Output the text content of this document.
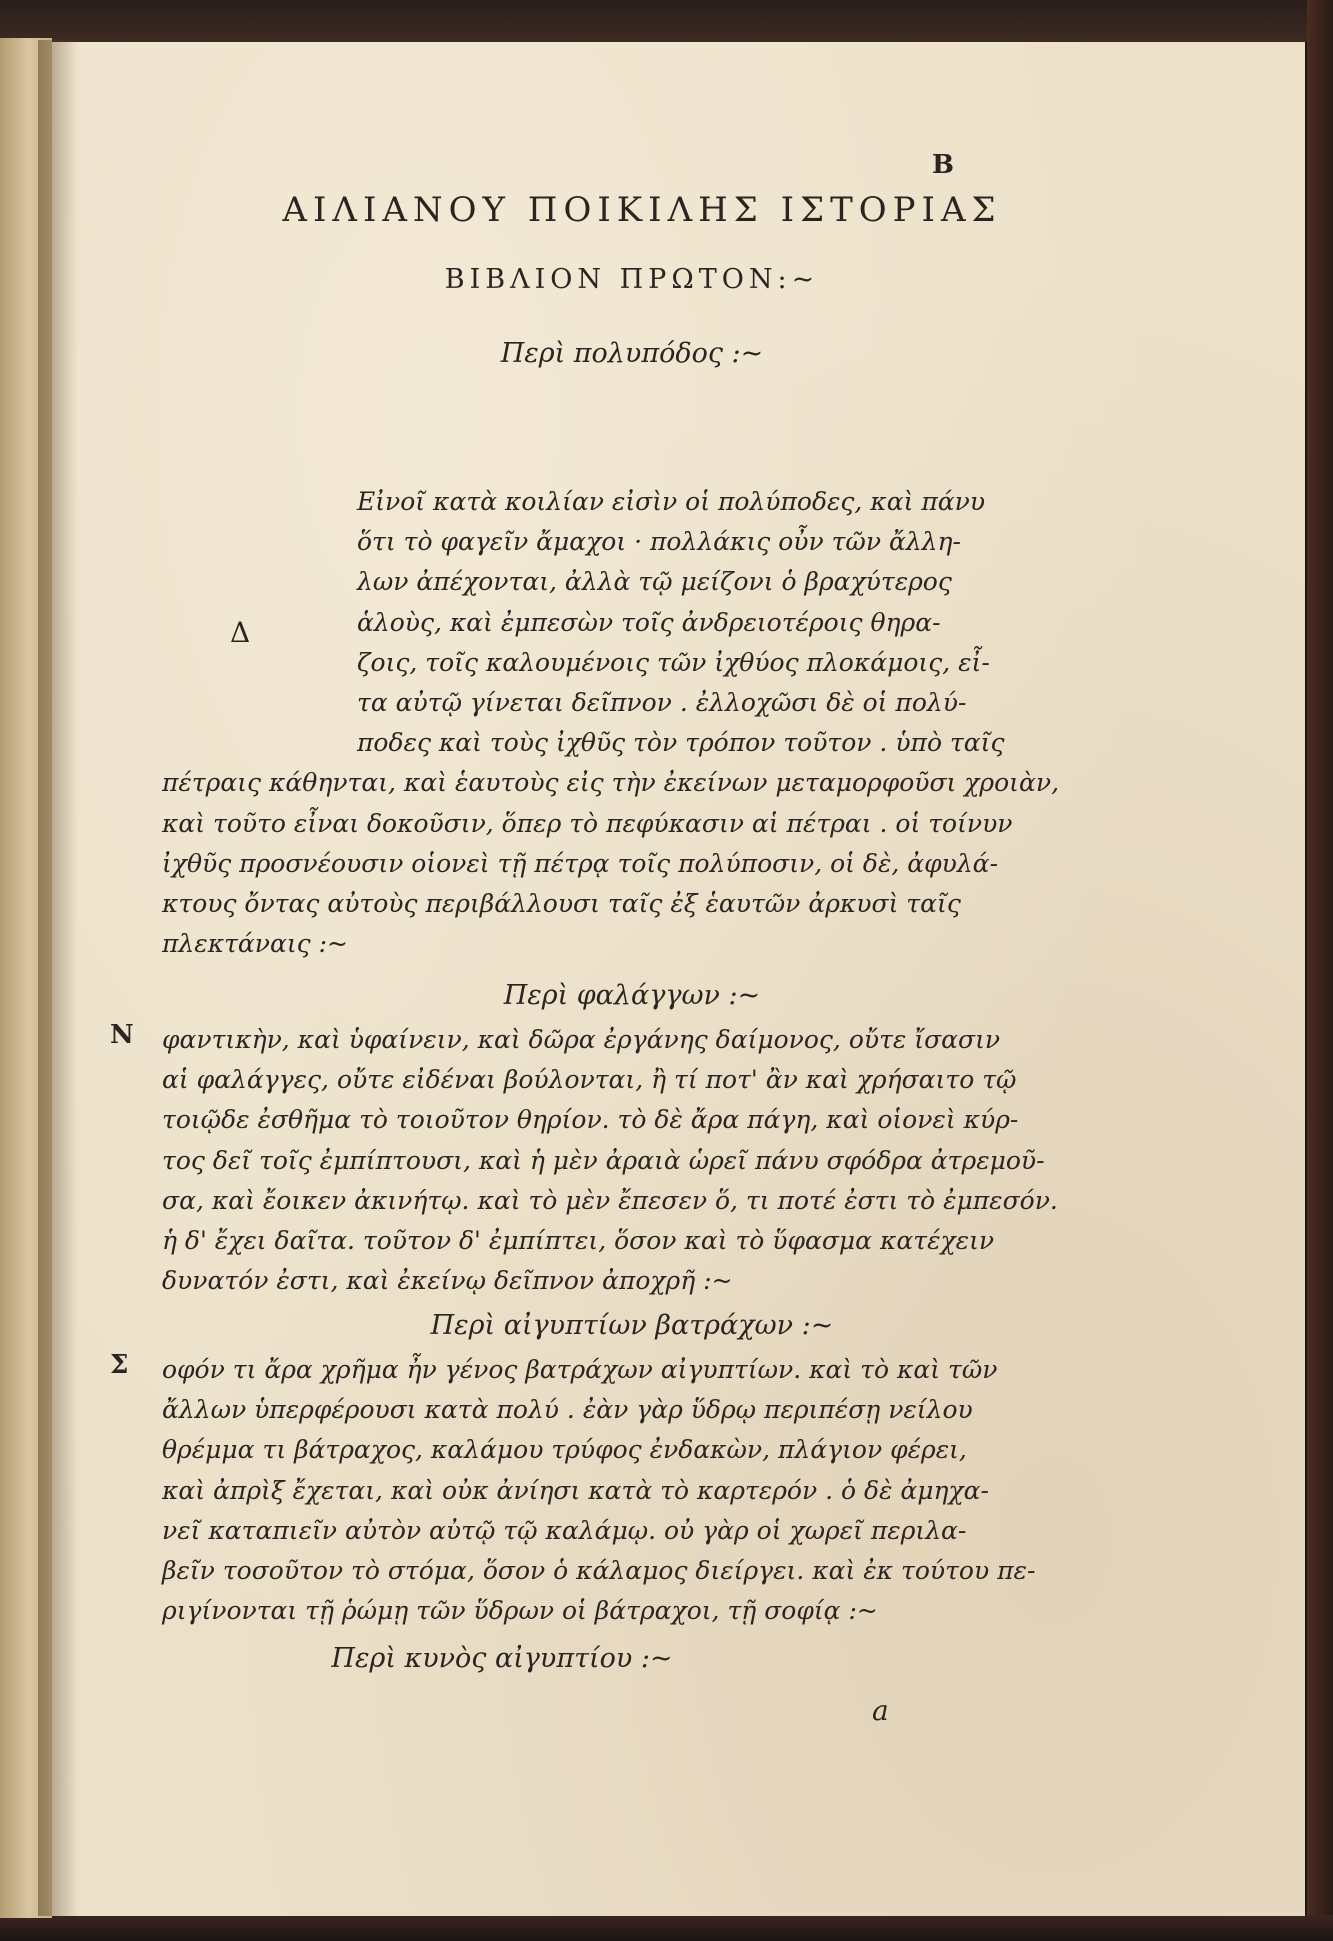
B
ΑΙΛΙΑΝΟΥ ΠΟΙΚΙΛΗΣ ΙΣΤΟΡΙΑΣ
ΒΙΒΛΙΟΝ ΠΡΩΤΟΝ:~
Περὶ πολυπόδος :~
Δ
Εἰνοῖ κατὰ κοιλίαν εἰσὶν οἱ πολύποδες, καὶ πάνυ
ὅτι τὸ φαγεῖν ἄμαχοι · πολλάκις οὖν τῶν ἄλλη-
λων ἀπέχονται, ἀλλὰ τῷ μείζονι ὁ βραχύτερος
ἁλοὺς, καὶ ἐμπεσὼν τοῖς ἀνδρειοτέροις θηρα-
ζοις, τοῖς καλουμένοις τῶν ἰχθύος πλοκάμοις, εἶ-
τα αὐτῷ γίνεται δεῖπνον . ἐλλοχῶσι δὲ οἱ πολύ-
ποδες καὶ τοὺς ἰχθῦς τὸν τρόπον τοῦτον . ὑπὸ ταῖς
πέτραις κάθηνται, καὶ ἑαυτοὺς εἰς τὴν ἐκείνων μεταμορφοῦσι χροιὰν,
καὶ τοῦτο εἶναι δοκοῦσιν, ὅπερ τὸ πεφύκασιν αἱ πέτραι . οἱ τοίνυν
ἰχθῦς προσνέουσιν οἱονεὶ τῇ πέτρᾳ τοῖς πολύποσιν, οἱ δὲ, ἀφυλά-
κτους ὄντας αὐτοὺς περιβάλλουσι ταῖς ἐξ ἑαυτῶν ἀρκυσὶ ταῖς
πλεκτάναις :~
Περὶ φαλάγγων :~
Ν	φαντικὴν, καὶ ὑφαίνειν, καὶ δῶρα ἐργάνης δαίμονος, οὔτε ἴσασιν
αἱ φαλάγγες, οὔτε εἰδέναι βούλονται, ἢ τί ποτ' ἂν καὶ χρήσαιτο τῷ
τοιῷδε ἐσθῆμα τὸ τοιοῦτον θηρίον. τὸ δὲ ἄρα πάγη, καὶ οἱονεὶ κύρ-
τος δεῖ τοῖς ἐμπίπτουσι, καὶ ἡ μὲν ἀραιὰ ὡρεῖ πάνυ σφόδρα ἀτρεμοῦ-
σα, καὶ ἔοικεν ἀκινήτῳ. καὶ τὸ μὲν ἔπεσεν ὅ, τι ποτέ ἐστι τὸ ἐμπεσόν.
ἡ δ' ἔχει δαῖτα. τοῦτον δ' ἐμπίπτει, ὅσον καὶ τὸ ὕφασμα κατέχειν
δυνατόν ἐστι, καὶ ἐκείνῳ δεῖπνον ἀποχρῆ :~
Περὶ αἰγυπτίων βατράχων :~
Σ	οφόν τι ἄρα χρῆμα ἦν γένος βατράχων αἰγυπτίων. καὶ τὸ καὶ τῶν
ἄλλων ὑπερφέρουσι κατὰ πολύ . ἐὰν γὰρ ὕδρῳ περιπέσῃ νείλου
θρέμμα τι βάτραχος, καλάμου τρύφος ἐνδακὼν, πλάγιον φέρει,
καὶ ἀπρὶξ ἔχεται, καὶ οὐκ ἀνίησι κατὰ τὸ καρτερόν . ὁ δὲ ἀμηχα-
νεῖ καταπιεῖν αὐτὸν αὐτῷ τῷ καλάμῳ. οὐ γὰρ οἱ χωρεῖ περιλα-
βεῖν τοσοῦτον τὸ στόμα, ὅσον ὁ κάλαμος διείργει. καὶ ἐκ τούτου πε-
ριγίνονται τῇ ῥώμῃ τῶν ὕδρων οἱ βάτραχοι, τῇ σοφίᾳ :~
Περὶ κυνὸς αἰγυπτίου :~
a
